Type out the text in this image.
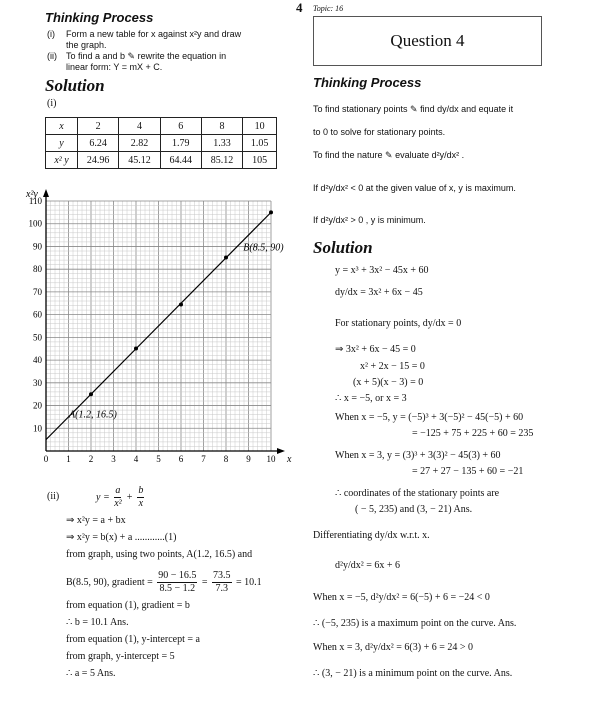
Thinking Process
(i) Form a new table for x against x²y and draw
the graph.
(ii) To find a and b ✎ rewrite the equation in
linear form: Y = mX + C.
Solution
(i)
x	2	4	6	8	10
y	6.24	2.82	1.79	1.33	1.05
x² y	24.96	45.12	64.44	85.12	105
0 1 2 3 4 5 6 7 8 9 10
10
20
30
40
50
60
70
80
90
100
110
x²y
x
A(1.2, 16.5)
B(8.5, 90)
(ii)	$y = \frac{a}{\text{x²}} + \frac{b}{x}$
⇒ x²y = a + bx
⇒ x²y = b(x) + a ............(1)
from graph, using two points, A(1.2, 16.5) and
B(8.5, 90), gradient = $\frac{90 - 16.5}{8.5 - 1.2} = \frac{73.5}{7.3} = 10.1$
from equation (1), gradient = b
∴ b = 10.1 Ans.
from equation (1), y-intercept = a
from graph, y-intercept = 5
∴ a = 5 Ans.
4 Topic: 16
Question 4
Thinking Process
To find stationary points ✎ find dy/dx and equate it
to 0 to solve for stationary points.
To find the nature ✎ evaluate d²y/dx² .
If d²y/dx² < 0 at the given value of x, y is maximum.
If d²y/dx² > 0 , y is minimum.
Solution
y = x³ + 3x² − 45x + 60
dy/dx = 3x² + 6x − 45
For stationary points, dy/dx = 0
⇒ 3x² + 6x − 45 = 0
x² + 2x − 15 = 0
(x + 5)(x − 3) = 0
∴ x = −5, or x = 3
When x = −5, y = (−5)³ + 3(−5)² − 45(−5) + 60
= −125 + 75 + 225 + 60 = 235
When x = 3, y = (3)³ + 3(3)² − 45(3) + 60
= 27 + 27 − 135 + 60 = −21
∴ coordinates of the stationary points are
( − 5, 235) and (3, − 21) Ans.
Differentiating dy/dx w.r.t. x.
d²y/dx² = 6x + 6
When x = −5, d²y/dx² = 6(−5) + 6 = −24 < 0
∴ (−5, 235) is a maximum point on the curve. Ans.
When x = 3, d²y/dx² = 6(3) + 6 = 24 > 0
∴ (3, − 21) is a minimum point on the curve. Ans.
